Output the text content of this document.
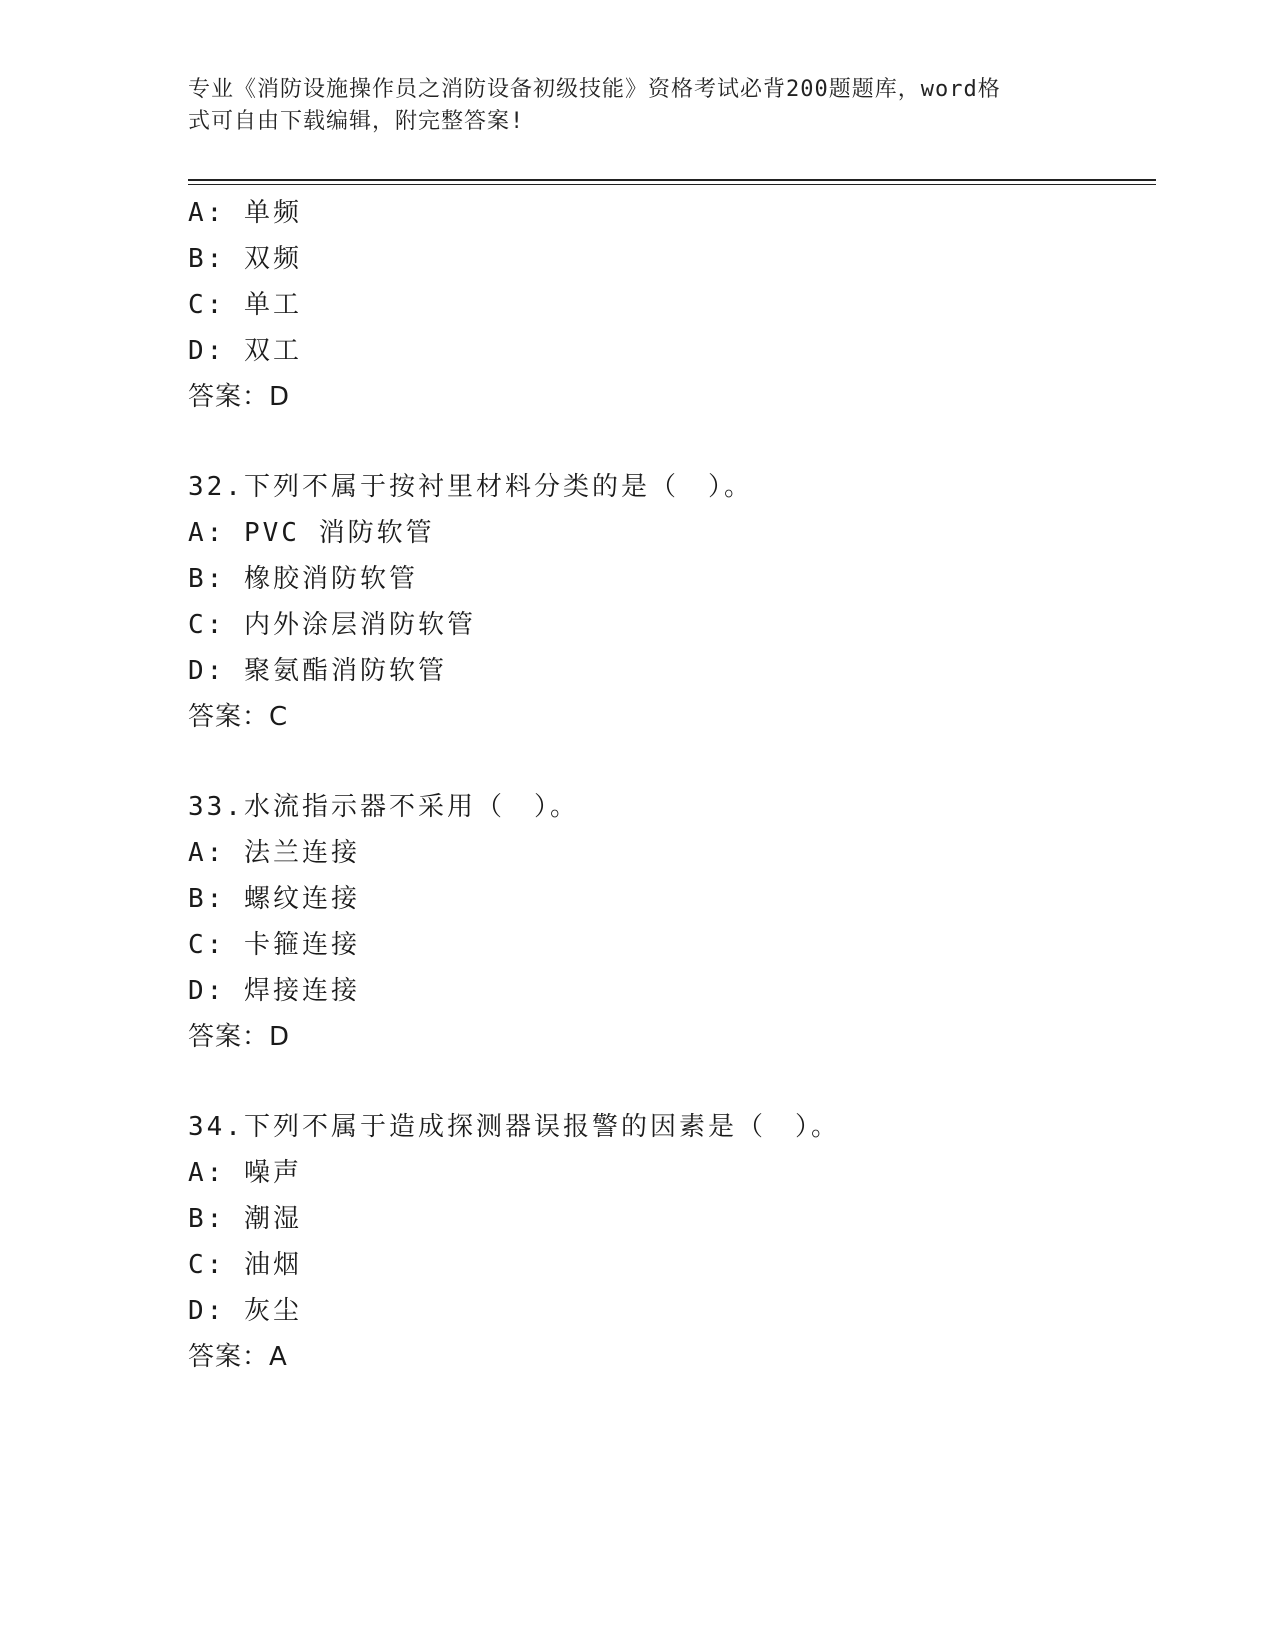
专业《消防设施操作员之消防设备初级技能》资格考试必背200题题库，word格
式可自由下载编辑，附完整答案!
A: 单频
B: 双频
C: 单工
D: 双工
答案：D
32.下列不属于按衬里材料分类的是（　）。
A: PVC 消防软管
B: 橡胶消防软管
C: 内外涂层消防软管
D: 聚氨酯消防软管
答案：C
33.水流指示器不采用（　）。
A: 法兰连接
B: 螺纹连接
C: 卡箍连接
D: 焊接连接
答案：D
34.下列不属于造成探测器误报警的因素是（　）。
A: 噪声
B: 潮湿
C: 油烟
D: 灰尘
答案：A
